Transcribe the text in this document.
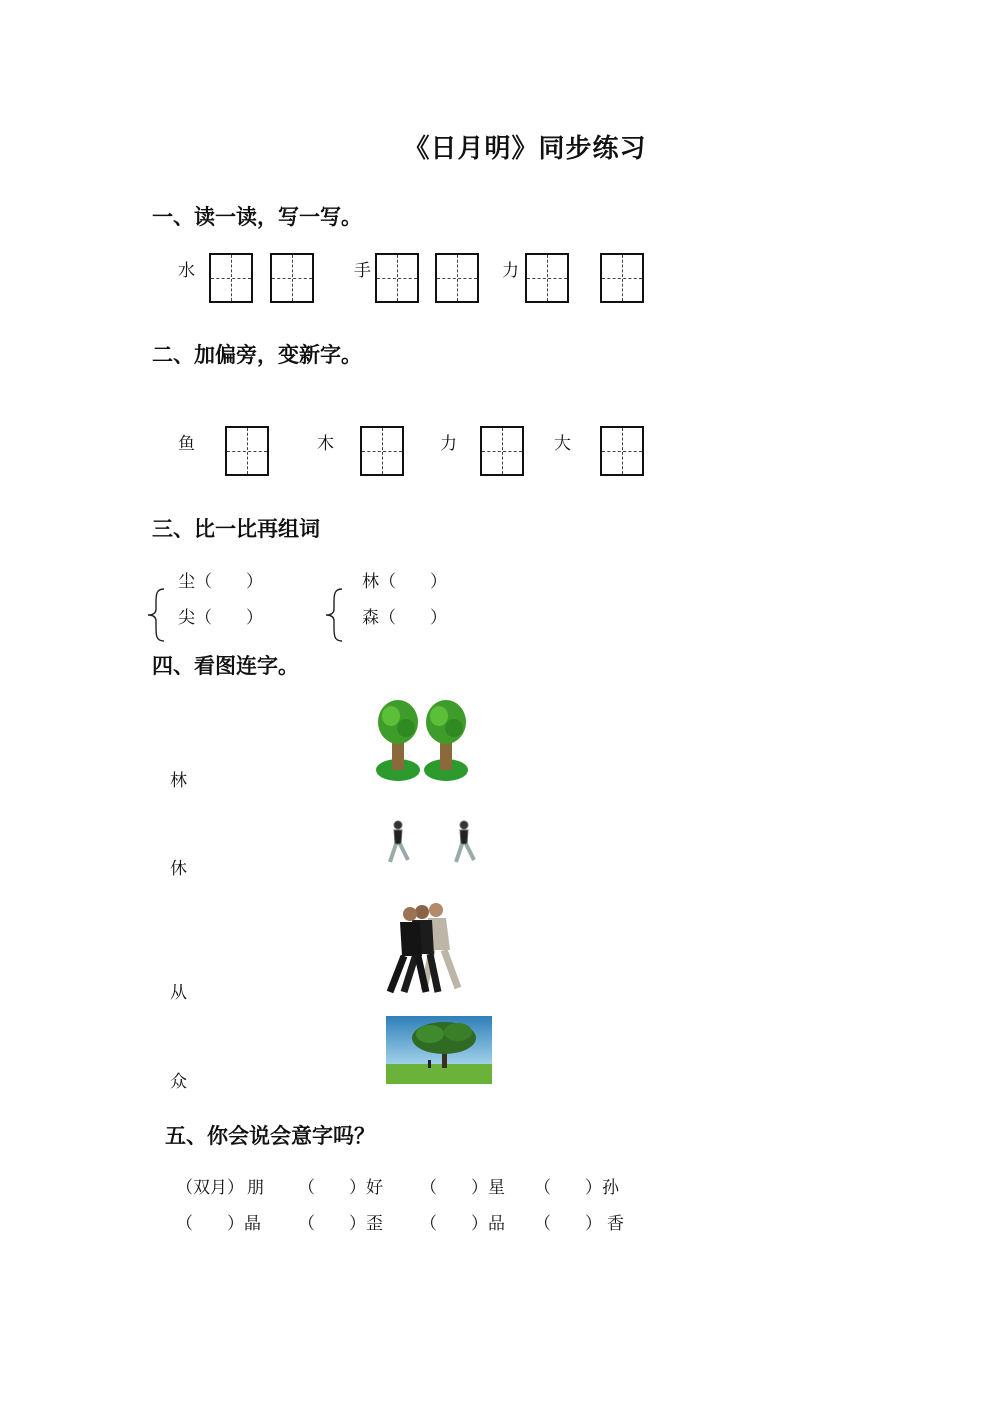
《日月明》同步练习
一、读一读，写一写。
水	手	力
二、加偏旁，变新字。
鱼	木	力	大
三、比一比再组词
尘（　　）
尖（　　）
林（　　）
森（　　）
四、看图连字。
林
休
从
众
五、你会说会意字吗？
（双月） 朋 （　　）好 （　　）星 （　　）孙
（　　）晶 （　　）歪 （　　）品 （　　） 香
